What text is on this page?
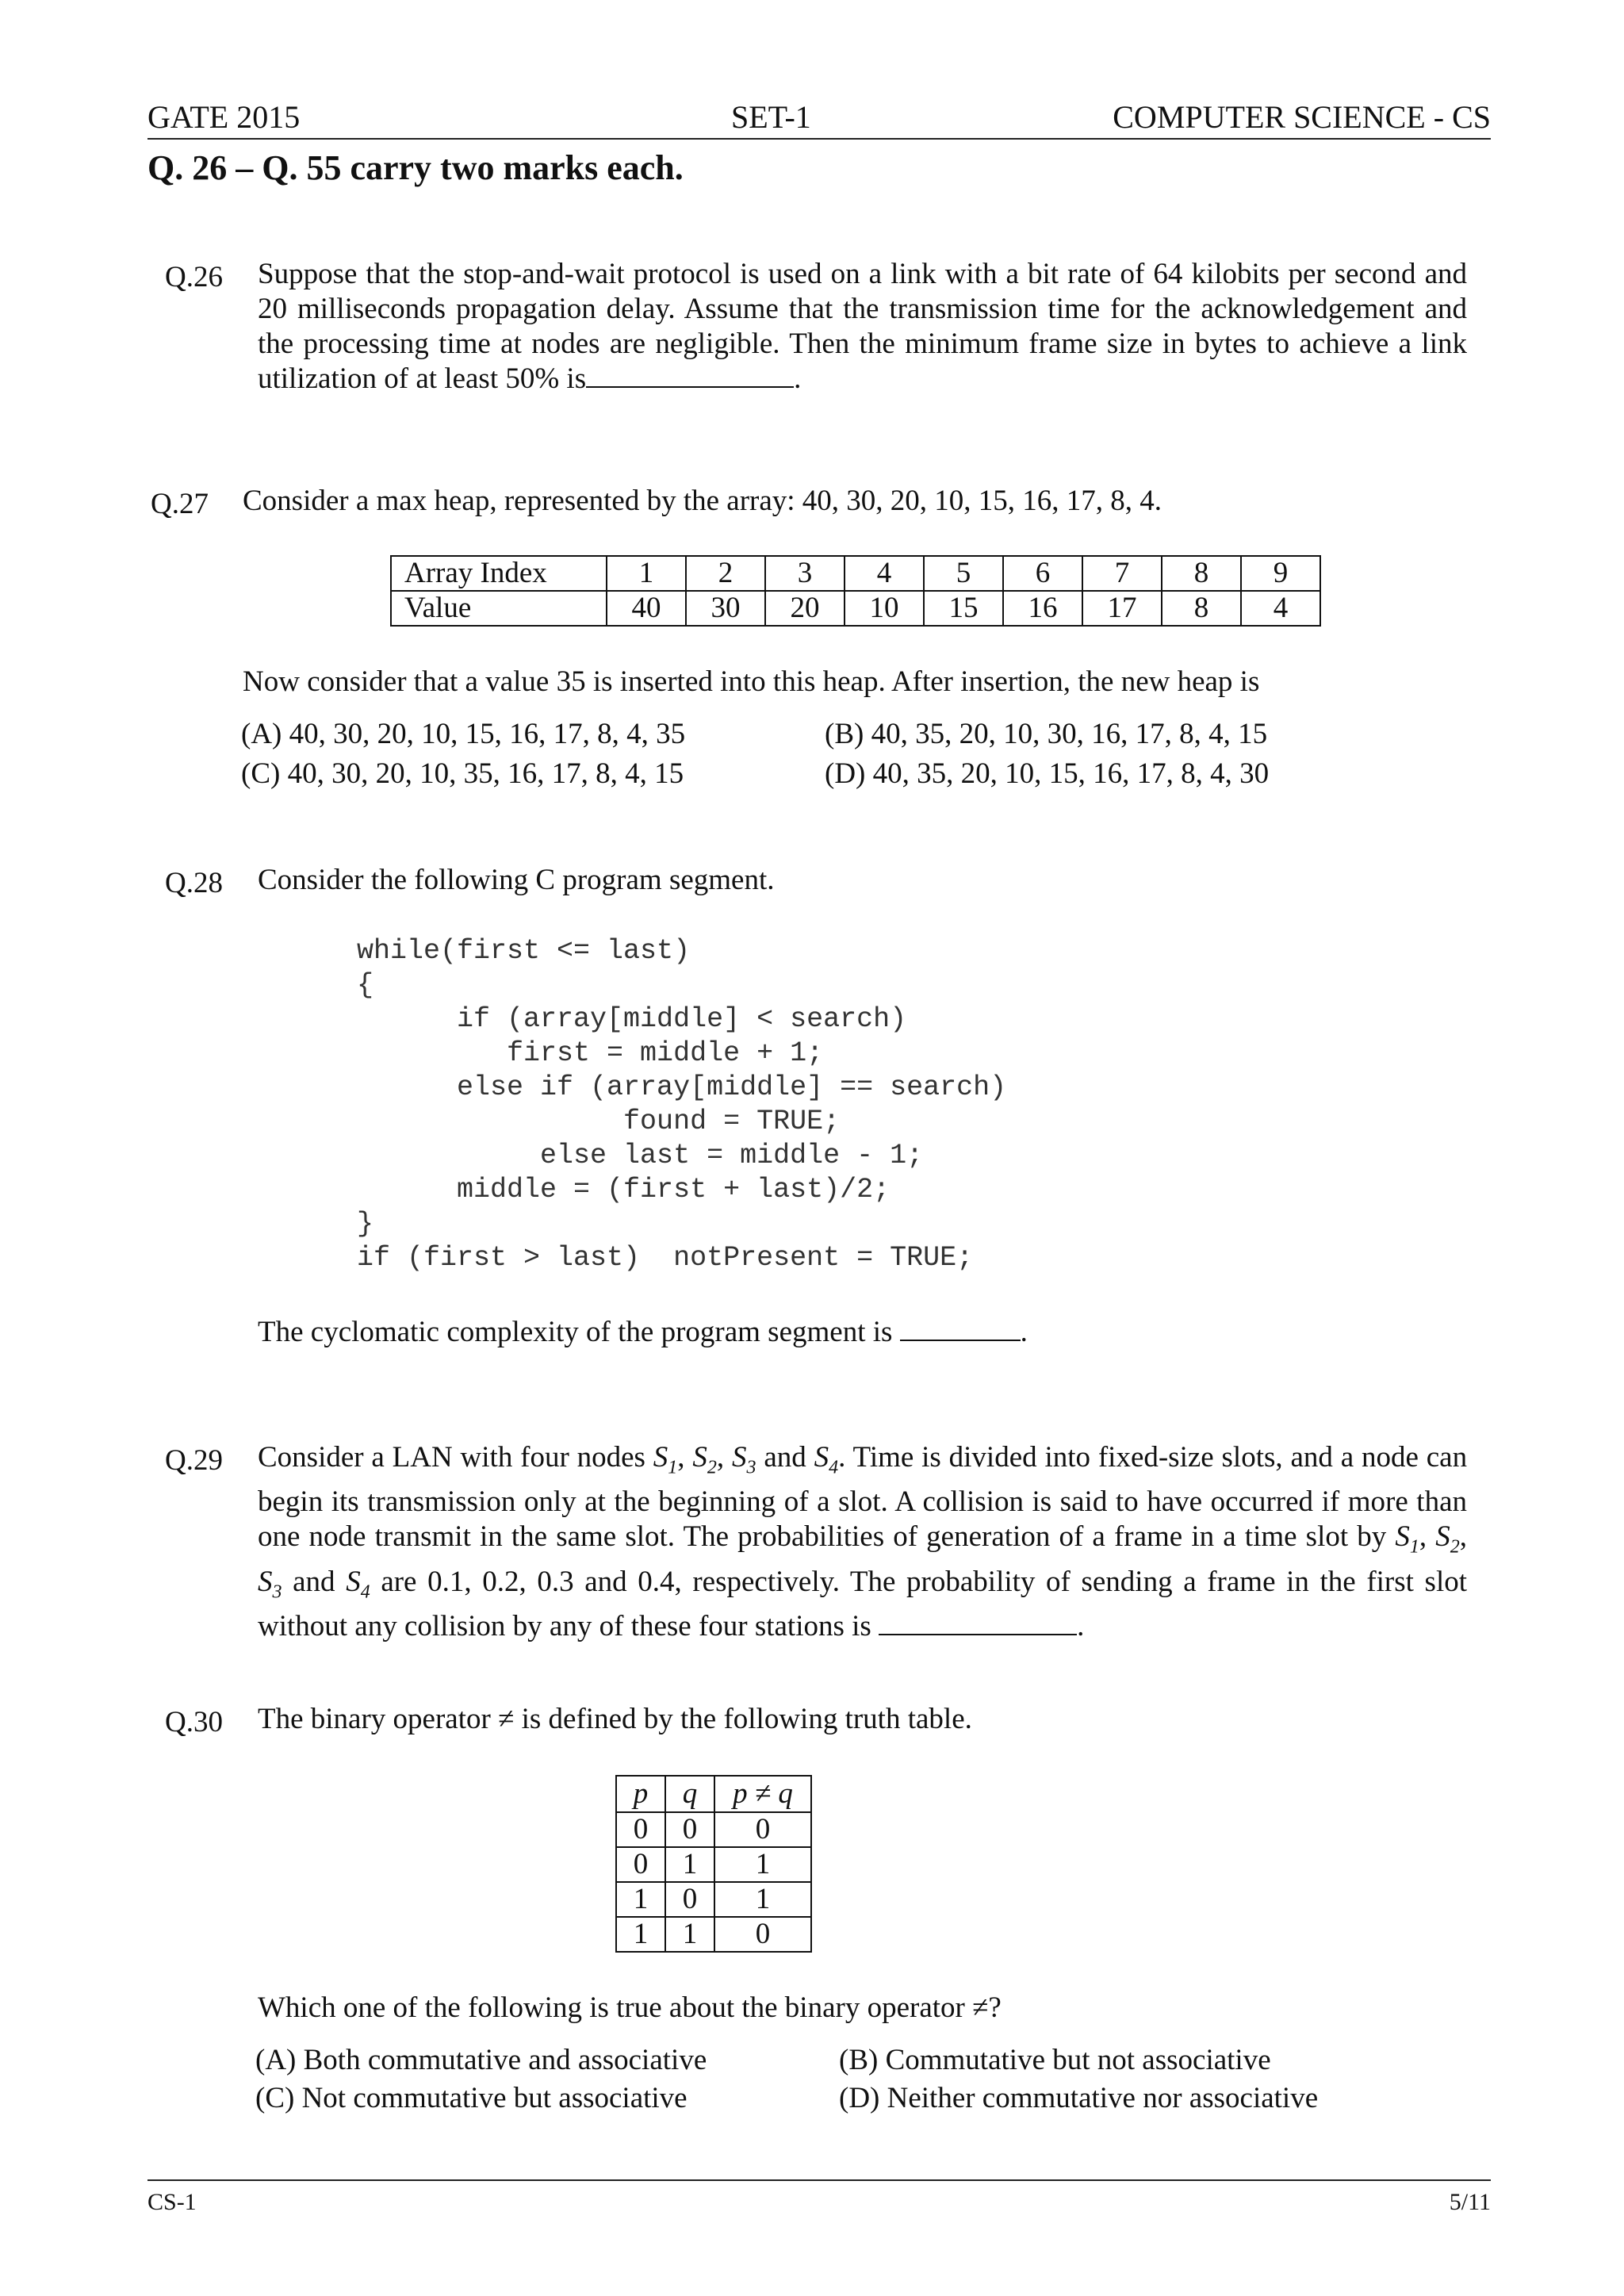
GATE 2015	SET-1	COMPUTER SCIENCE - CS
Q. 26 – Q. 55 carry two marks each.
Q.26 Suppose that the stop-and-wait protocol is used on a link with a bit rate of 64 kilobits per second and 20 milliseconds propagation delay. Assume that the transmission time for the acknowledgement and the processing time at nodes are negligible. Then the minimum frame size in bytes to achieve a link utilization of at least 50% is	.
Q.27 Consider a max heap, represented by the array: 40, 30, 20, 10, 15, 16, 17, 8, 4.
Array Index	1	2	3	4	5	6	7	8	9
Value	40	30	20	10	15	16	17	8	4
Now consider that a value 35 is inserted into this heap. After insertion, the new heap is
(A) 40, 30, 20, 10, 15, 16, 17, 8, 4, 35	(B) 40, 35, 20, 10, 30, 16, 17, 8, 4, 15
(C) 40, 30, 20, 10, 35, 16, 17, 8, 4, 15	(D) 40, 35, 20, 10, 15, 16, 17, 8, 4, 30
Q.28 Consider the following C program segment.
while(first <= last)
{
if (array[middle] < search)
first = middle + 1;
else if (array[middle] == search)
found = TRUE;
else last = middle - 1;
middle = (first + last)/2;
}
if (first > last)  notPresent = TRUE;
The cyclomatic complexity of the program segment is	.
Q.29 Consider a LAN with four nodes $S_1$, $S_2$, $S_3$ and $S_4$. Time is divided into fixed-size slots, and a node can begin its transmission only at the beginning of a slot. A collision is said to have occurred if more than one node transmit in the same slot. The probabilities of generation of a frame in a time slot by $S_1$, $S_2$, $S_3$ and $S_4$ are 0.1, 0.2, 0.3 and 0.4, respectively. The probability of sending a frame in the first slot without any collision by any of these four stations is	.
Q.30 The binary operator ≠ is defined by the following truth table.
p	q	p ≠ q
0	0	0
0	1	1
1	0	1
1	1	0
Which one of the following is true about the binary operator ≠?
(A) Both commutative and associative	(B) Commutative but not associative
(C) Not commutative but associative	(D) Neither commutative nor associative
CS-1	5/11
